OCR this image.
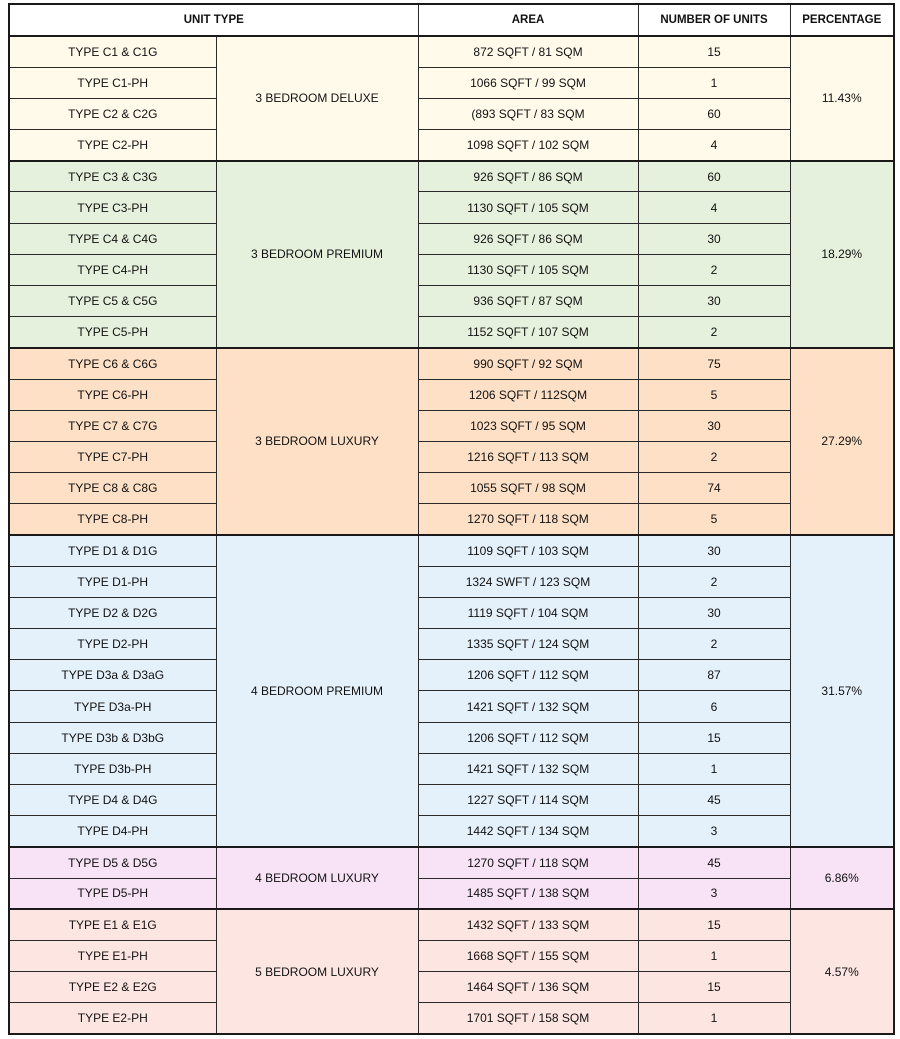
UNIT TYPE		AREA	NUMBER OF UNITS	PERCENTAGE
TYPE C1 & C1G	3 BEDROOM DELUXE	872 SQFT / 81 SQM	15	11.43%
TYPE C1-PH		1066 SQFT / 99 SQM	1	
TYPE C2 & C2G		(893 SQFT / 83 SQM	60	
TYPE C2-PH		1098 SQFT / 102 SQM	4	
TYPE C3 & C3G	3 BEDROOM PREMIUM	926 SQFT / 86 SQM	60	18.29%
TYPE C3-PH		1130 SQFT / 105 SQM	4	
TYPE C4 & C4G		926 SQFT / 86 SQM	30	
TYPE C4-PH		1130 SQFT / 105 SQM	2	
TYPE C5 & C5G		936 SQFT / 87 SQM	30	
TYPE C5-PH		1152 SQFT / 107 SQM	2	
TYPE C6 & C6G	3 BEDROOM LUXURY	990 SQFT / 92 SQM	75	27.29%
TYPE C6-PH		1206 SQFT / 112SQM	5	
TYPE C7 & C7G		1023 SQFT / 95 SQM	30	
TYPE C7-PH		1216 SQFT / 113 SQM	2	
TYPE C8 & C8G		1055 SQFT / 98 SQM	74	
TYPE C8-PH		1270 SQFT / 118 SQM	5	
TYPE D1 & D1G	4 BEDROOM PREMIUM	1109 SQFT / 103 SQM	30	31.57%
TYPE D1-PH		1324 SWFT / 123 SQM	2	
TYPE D2 & D2G		1119 SQFT / 104 SQM	30	
TYPE D2-PH		1335 SQFT / 124 SQM	2	
TYPE D3a & D3aG		1206 SQFT / 112 SQM	87	
TYPE D3a-PH		1421 SQFT / 132 SQM	6	
TYPE D3b & D3bG		1206 SQFT / 112 SQM	15	
TYPE D3b-PH		1421 SQFT / 132 SQM	1	
TYPE D4 & D4G		1227 SQFT / 114 SQM	45	
TYPE D4-PH		1442 SQFT / 134 SQM	3	
TYPE D5 & D5G	4 BEDROOM LUXURY	1270 SQFT / 118 SQM	45	6.86%
TYPE D5-PH		1485 SQFT / 138 SQM	3	
TYPE E1 & E1G	5 BEDROOM LUXURY	1432 SQFT / 133 SQM	15	4.57%
TYPE E1-PH		1668 SQFT / 155 SQM	1	
TYPE E2 & E2G		1464 SQFT / 136 SQM	15	
TYPE E2-PH		1701 SQFT / 158 SQM	1	
